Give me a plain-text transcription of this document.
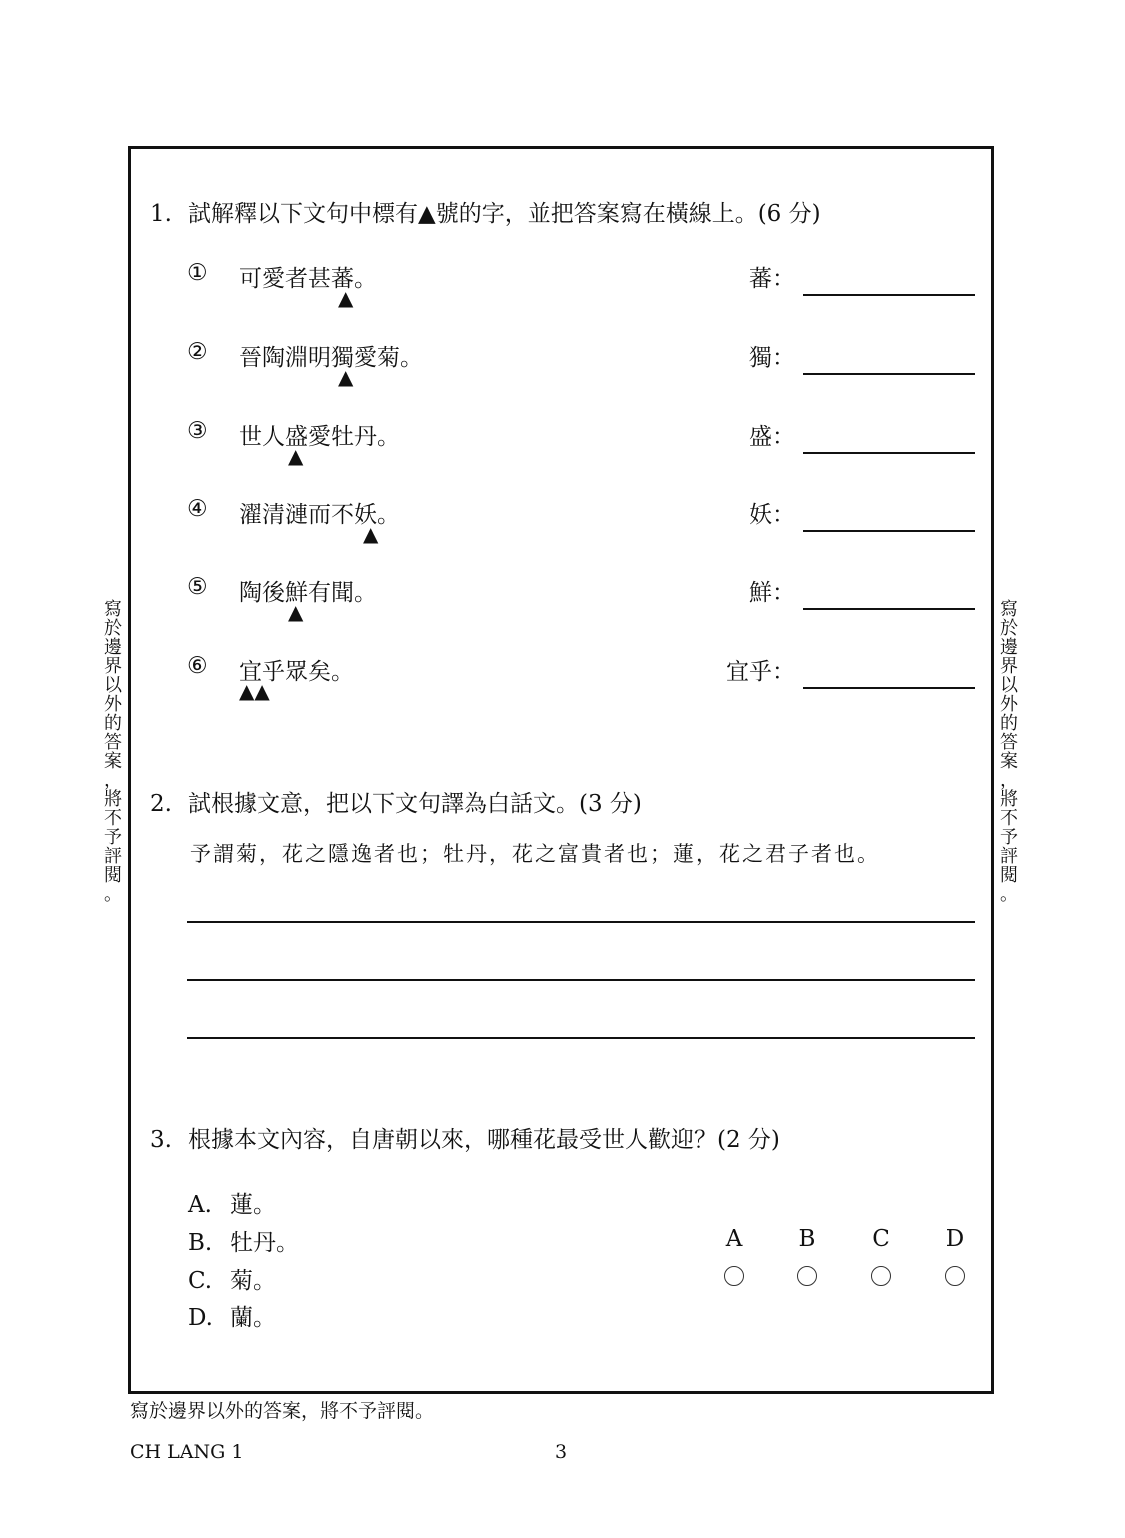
寫
於
邊
界
以
外
的
答
案
，
將
不
予
評
閱
。
寫
於
邊
界
以
外
的
答
案
，
將
不
予
評
閱
。
1. 試解釋以下文句中標有▲號的字，並把答案寫在橫線上。(6 分)
① 可愛者甚蕃。
▲
蕃：
② 晉陶淵明獨愛菊。
▲
獨：
③ 世人盛愛牡丹。
▲
盛：
④ 濯清漣而不妖。
▲
妖：
⑤ 陶後鮮有聞。
▲
鮮：
⑥ 宜乎眾矣。
▲▲
宜乎：
2. 試根據文意，把以下文句譯為白話文。(3 分)
予謂菊，花之隱逸者也；牡丹，花之富貴者也；蓮，花之君子者也。
3. 根據本文內容，自唐朝以來，哪種花最受世人歡迎？(2 分)
A. 蓮。
B. 牡丹。
C. 菊。
D. 蘭。
A	B	C	D
寫於邊界以外的答案，將不予評閱。
CH LANG 1	3
